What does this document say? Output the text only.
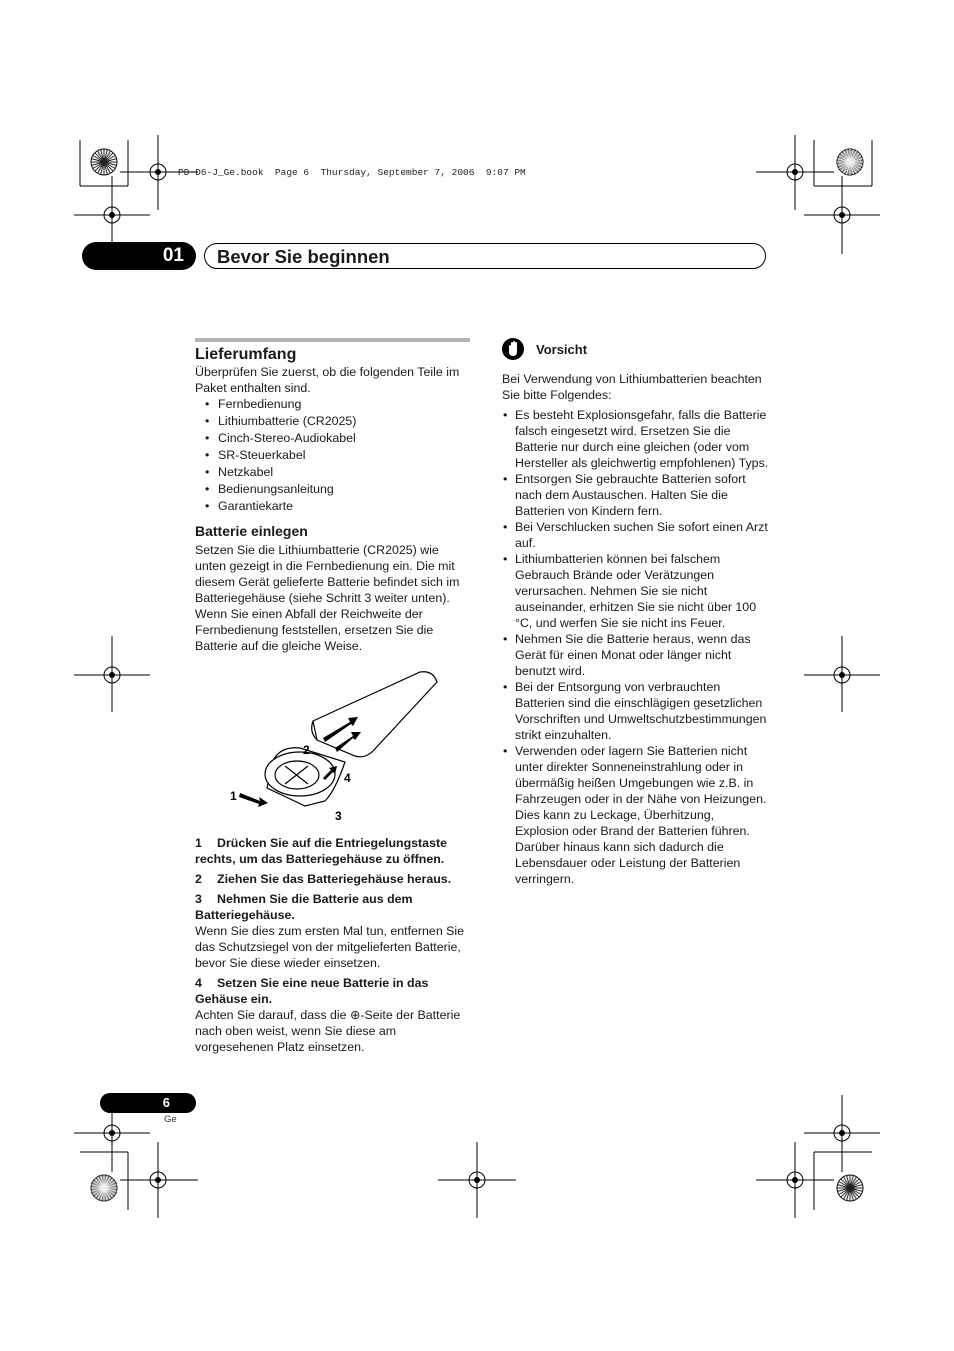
PD-D6-J_Ge.book  Page 6  Thursday, September 7, 2006  9:07 PM
01	Bevor Sie beginnen
Lieferumfang

Überprüfen Sie zuerst, ob die folgenden Teile im Paket enthalten sind.

• Fernbedienung
• Lithiumbatterie (CR2025)
• Cinch-Stereo-Audiokabel
• SR-Steuerkabel
• Netzkabel
• Bedienungsanleitung
• Garantiekarte
Batterie einlegen

Setzen Sie die Lithiumbatterie (CR2025) wie unten gezeigt in die Fernbedienung ein. Die mit diesem Gerät gelieferte Batterie befindet sich im Batteriegehäuse (siehe Schritt 3 weiter unten). Wenn Sie einen Abfall der Reichweite der Fernbedienung feststellen, ersetzen Sie die Batterie auf die gleiche Weise.

2
4
1
3
1 Drücken Sie auf die Entriegelungstaste rechts, um das Batteriegehäuse zu öffnen.
2 Ziehen Sie das Batteriegehäuse heraus.
3 Nehmen Sie die Batterie aus dem Batteriegehäuse.

Wenn Sie dies zum ersten Mal tun, entfernen Sie das Schutzsiegel von der mitgelieferten Batterie, bevor Sie diese wieder einsetzen.

4 Setzen Sie eine neue Batterie in das Gehäuse ein.

Achten Sie darauf, dass die ⊕-Seite der Batterie nach oben weist, wenn Sie diese am vorgesehenen Platz einsetzen.

Vorsicht

Bei Verwendung von Lithiumbatterien beachten Sie bitte Folgendes:

• Es besteht Explosionsgefahr, falls die Batterie falsch eingesetzt wird. Ersetzen Sie die Batterie nur durch eine gleichen (oder vom Hersteller als gleichwertig empfohlenen) Typs.
• Entsorgen Sie gebrauchte Batterien sofort nach dem Austauschen. Halten Sie die Batterien von Kindern fern.
• Bei Verschlucken suchen Sie sofort einen Arzt auf.
• Lithiumbatterien können bei falschem Gebrauch Brände oder Verätzungen verursachen. Nehmen Sie sie nicht auseinander, erhitzen Sie sie nicht über 100 °C, und werfen Sie sie nicht ins Feuer.
• Nehmen Sie die Batterie heraus, wenn das Gerät für einen Monat oder länger nicht benutzt wird.
• Bei der Entsorgung von verbrauchten Batterien sind die einschlägigen gesetzlichen Vorschriften und Umweltschutzbestimmungen strikt einzuhalten.
• Verwenden oder lagern Sie Batterien nicht unter direkter Sonneneinstrahlung oder in übermäßig heißen Umgebungen wie z.B. in Fahrzeugen oder in der Nähe von Heizungen. Dies kann zu Leckage, Überhitzung, Explosion oder Brand der Batterien führen. Darüber hinaus kann sich dadurch die Lebensdauer oder Leistung der Batterien verringern.
6
Ge
